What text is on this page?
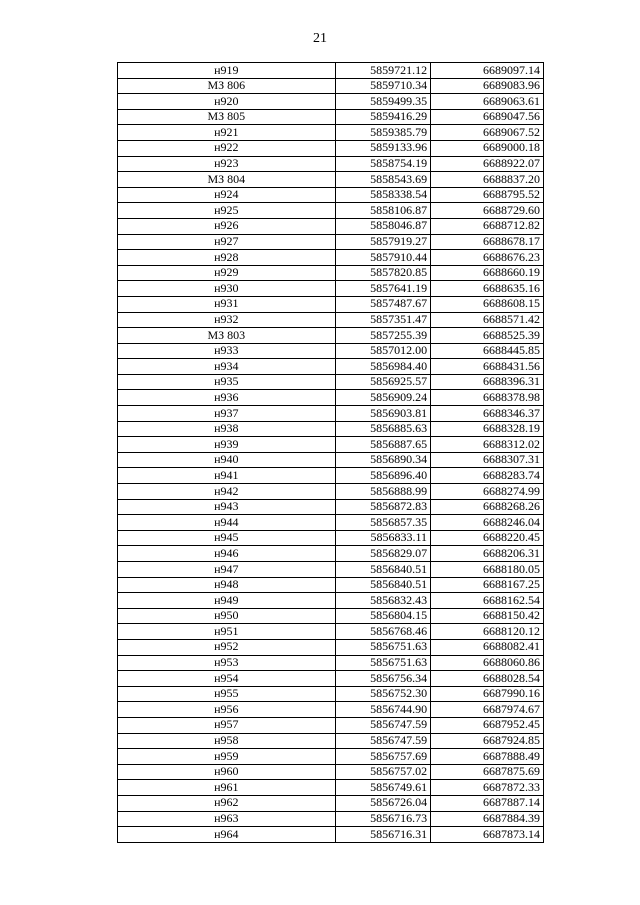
21
н919	5859721.12	6689097.14
МЗ 806	5859710.34	6689083.96
н920	5859499.35	6689063.61
МЗ 805	5859416.29	6689047.56
н921	5859385.79	6689067.52
н922	5859133.96	6689000.18
н923	5858754.19	6688922.07
МЗ 804	5858543.69	6688837.20
н924	5858338.54	6688795.52
н925	5858106.87	6688729.60
н926	5858046.87	6688712.82
н927	5857919.27	6688678.17
н928	5857910.44	6688676.23
н929	5857820.85	6688660.19
н930	5857641.19	6688635.16
н931	5857487.67	6688608.15
н932	5857351.47	6688571.42
МЗ 803	5857255.39	6688525.39
н933	5857012.00	6688445.85
н934	5856984.40	6688431.56
н935	5856925.57	6688396.31
н936	5856909.24	6688378.98
н937	5856903.81	6688346.37
н938	5856885.63	6688328.19
н939	5856887.65	6688312.02
н940	5856890.34	6688307.31
н941	5856896.40	6688283.74
н942	5856888.99	6688274.99
н943	5856872.83	6688268.26
н944	5856857.35	6688246.04
н945	5856833.11	6688220.45
н946	5856829.07	6688206.31
н947	5856840.51	6688180.05
н948	5856840.51	6688167.25
н949	5856832.43	6688162.54
н950	5856804.15	6688150.42
н951	5856768.46	6688120.12
н952	5856751.63	6688082.41
н953	5856751.63	6688060.86
н954	5856756.34	6688028.54
н955	5856752.30	6687990.16
н956	5856744.90	6687974.67
н957	5856747.59	6687952.45
н958	5856747.59	6687924.85
н959	5856757.69	6687888.49
н960	5856757.02	6687875.69
н961	5856749.61	6687872.33
н962	5856726.04	6687887.14
н963	5856716.73	6687884.39
н964	5856716.31	6687873.14
